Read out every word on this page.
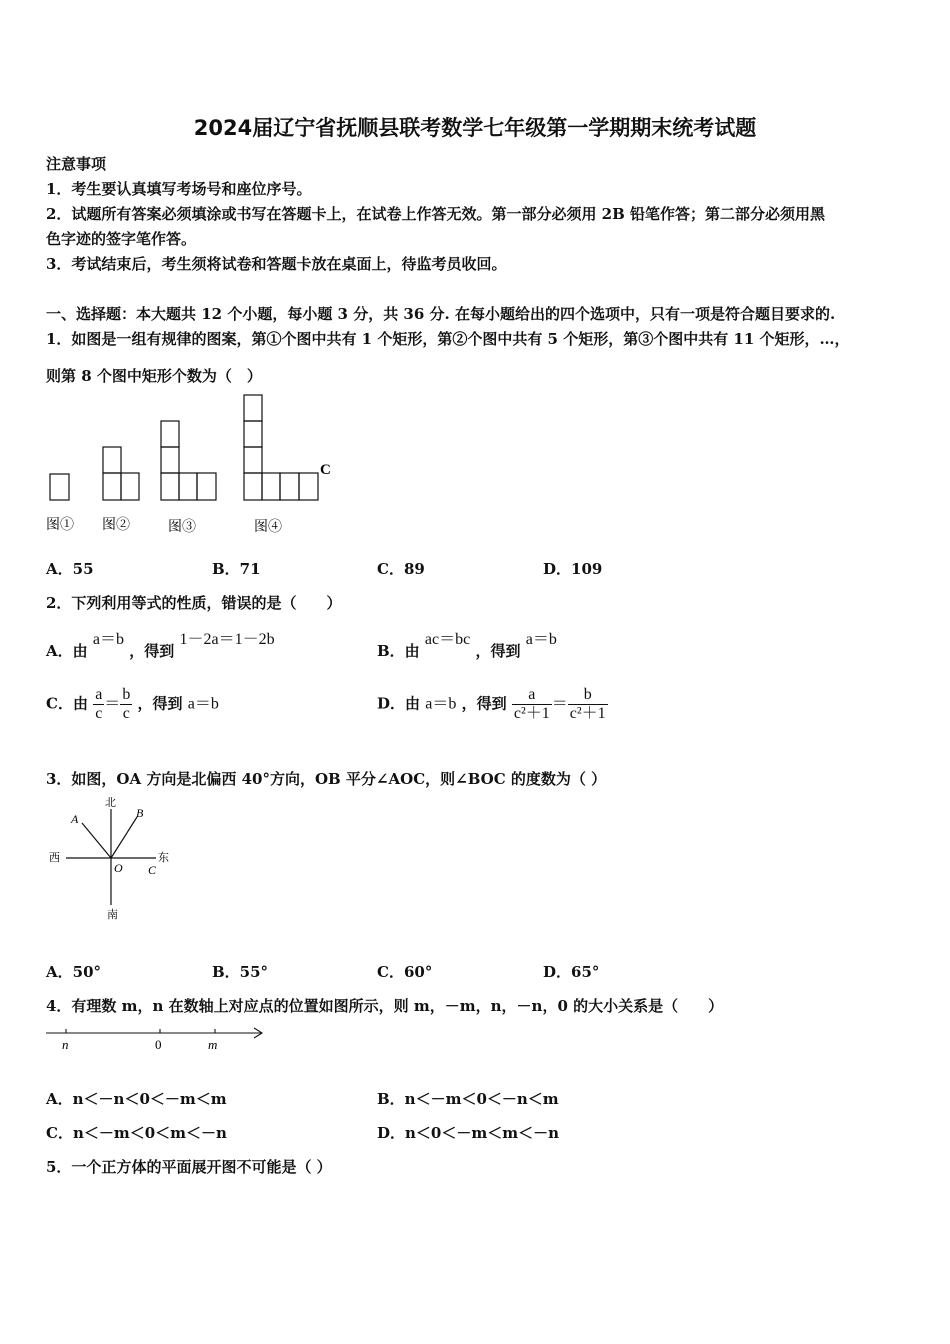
2024届辽宁省抚顺县联考数学七年级第一学期期末统考试题
注意事项
1．考生要认真填写考场号和座位序号。
2．试题所有答案必须填涂或书写在答题卡上，在试卷上作答无效。第一部分必须用 2B 铅笔作答；第二部分必须用黑
色字迹的签字笔作答。
3．考试结束后，考生须将试卷和答题卡放在桌面上，待监考员收回。
一、选择题：本大题共 12 个小题，每小题 3 分，共 36 分. 在每小题给出的四个选项中，只有一项是符合题目要求的.
1．如图是一组有规律的图案，第①个图中共有 1 个矩形，第②个图中共有 5 个矩形，第③个图中共有 11 个矩形，…，
则第 8 个图中矩形个数为（　）
C
图① 图②	图③	图④
A．55	B．71	C．89	D．109
2．下列利用等式的性质，错误的是（　　）
A．由 a＝b ，得到 1－2a＝1－2b
B．由 ac＝bc ，得到 a＝b
C．由 $\frac{a}{c} = \frac{b}{c}$ ，得到 a＝b	D．由 a＝b ，得到 $\frac{a}{\text{c²＋1}} = \frac{b}{\text{c²＋1}}$
3．如图，OA 方向是北偏西 40°方向，OB 平分∠AOC，则∠BOC 的度数为（ ）
北
南
西	东
A	B
O C
A．50°	B．55°	C．60°	D．65°
4．有理数 m，n 在数轴上对应点的位置如图所示，则 m，－m，n，－n，0 的大小关系是（　　）
n	0	m
A．n＜－n＜0＜－m＜m	B．n＜－m＜0＜－n＜m
C．n＜－m＜0＜m＜－n	D．n＜0＜－m＜m＜－n
5．一个正方体的平面展开图不可能是（ ）
